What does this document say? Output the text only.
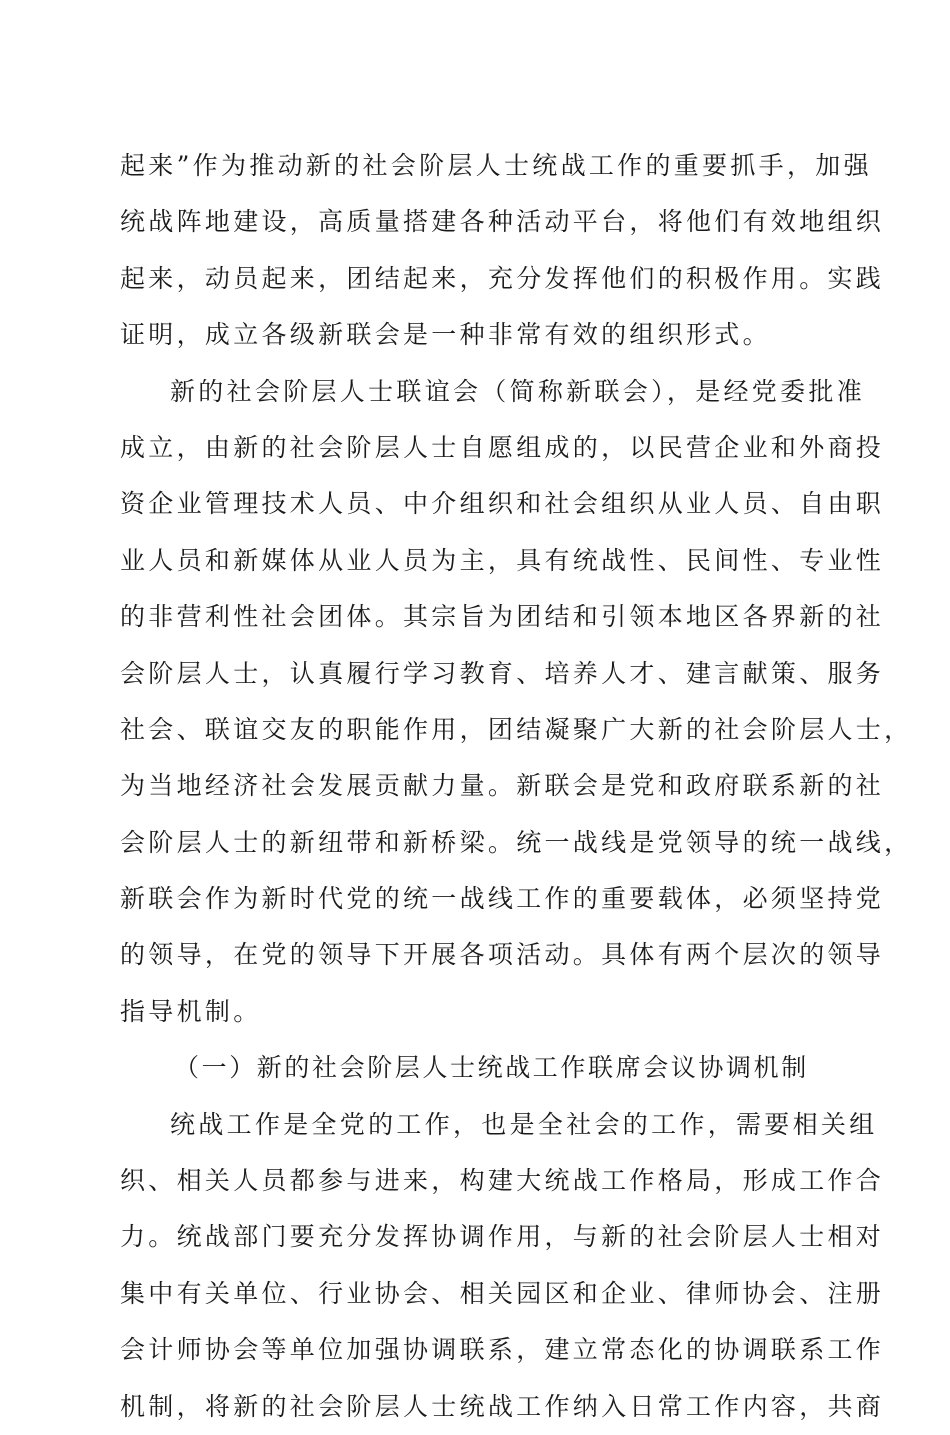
起来”作为推动新的社会阶层人士统战工作的重要抓手，加强
统战阵地建设，高质量搭建各种活动平台，将他们有效地组织
起来，动员起来，团结起来，充分发挥他们的积极作用。实践
证明，成立各级新联会是一种非常有效的组织形式。
新的社会阶层人士联谊会（简称新联会），是经党委批准
成立，由新的社会阶层人士自愿组成的，以民营企业和外商投
资企业管理技术人员、中介组织和社会组织从业人员、自由职
业人员和新媒体从业人员为主，具有统战性、民间性、专业性
的非营利性社会团体。其宗旨为团结和引领本地区各界新的社
会阶层人士，认真履行学习教育、培养人才、建言献策、服务
社会、联谊交友的职能作用，团结凝聚广大新的社会阶层人士，
为当地经济社会发展贡献力量。新联会是党和政府联系新的社
会阶层人士的新纽带和新桥梁。统一战线是党领导的统一战线，
新联会作为新时代党的统一战线工作的重要载体，必须坚持党
的领导，在党的领导下开展各项活动。具体有两个层次的领导
指导机制。
（一）新的社会阶层人士统战工作联席会议协调机制
统战工作是全党的工作，也是全社会的工作，需要相关组
织、相关人员都参与进来，构建大统战工作格局，形成工作合
力。统战部门要充分发挥协调作用，与新的社会阶层人士相对
集中有关单位、行业协会、相关园区和企业、律师协会、注册
会计师协会等单位加强协调联系，建立常态化的协调联系工作
机制，将新的社会阶层人士统战工作纳入日常工作内容，共商
